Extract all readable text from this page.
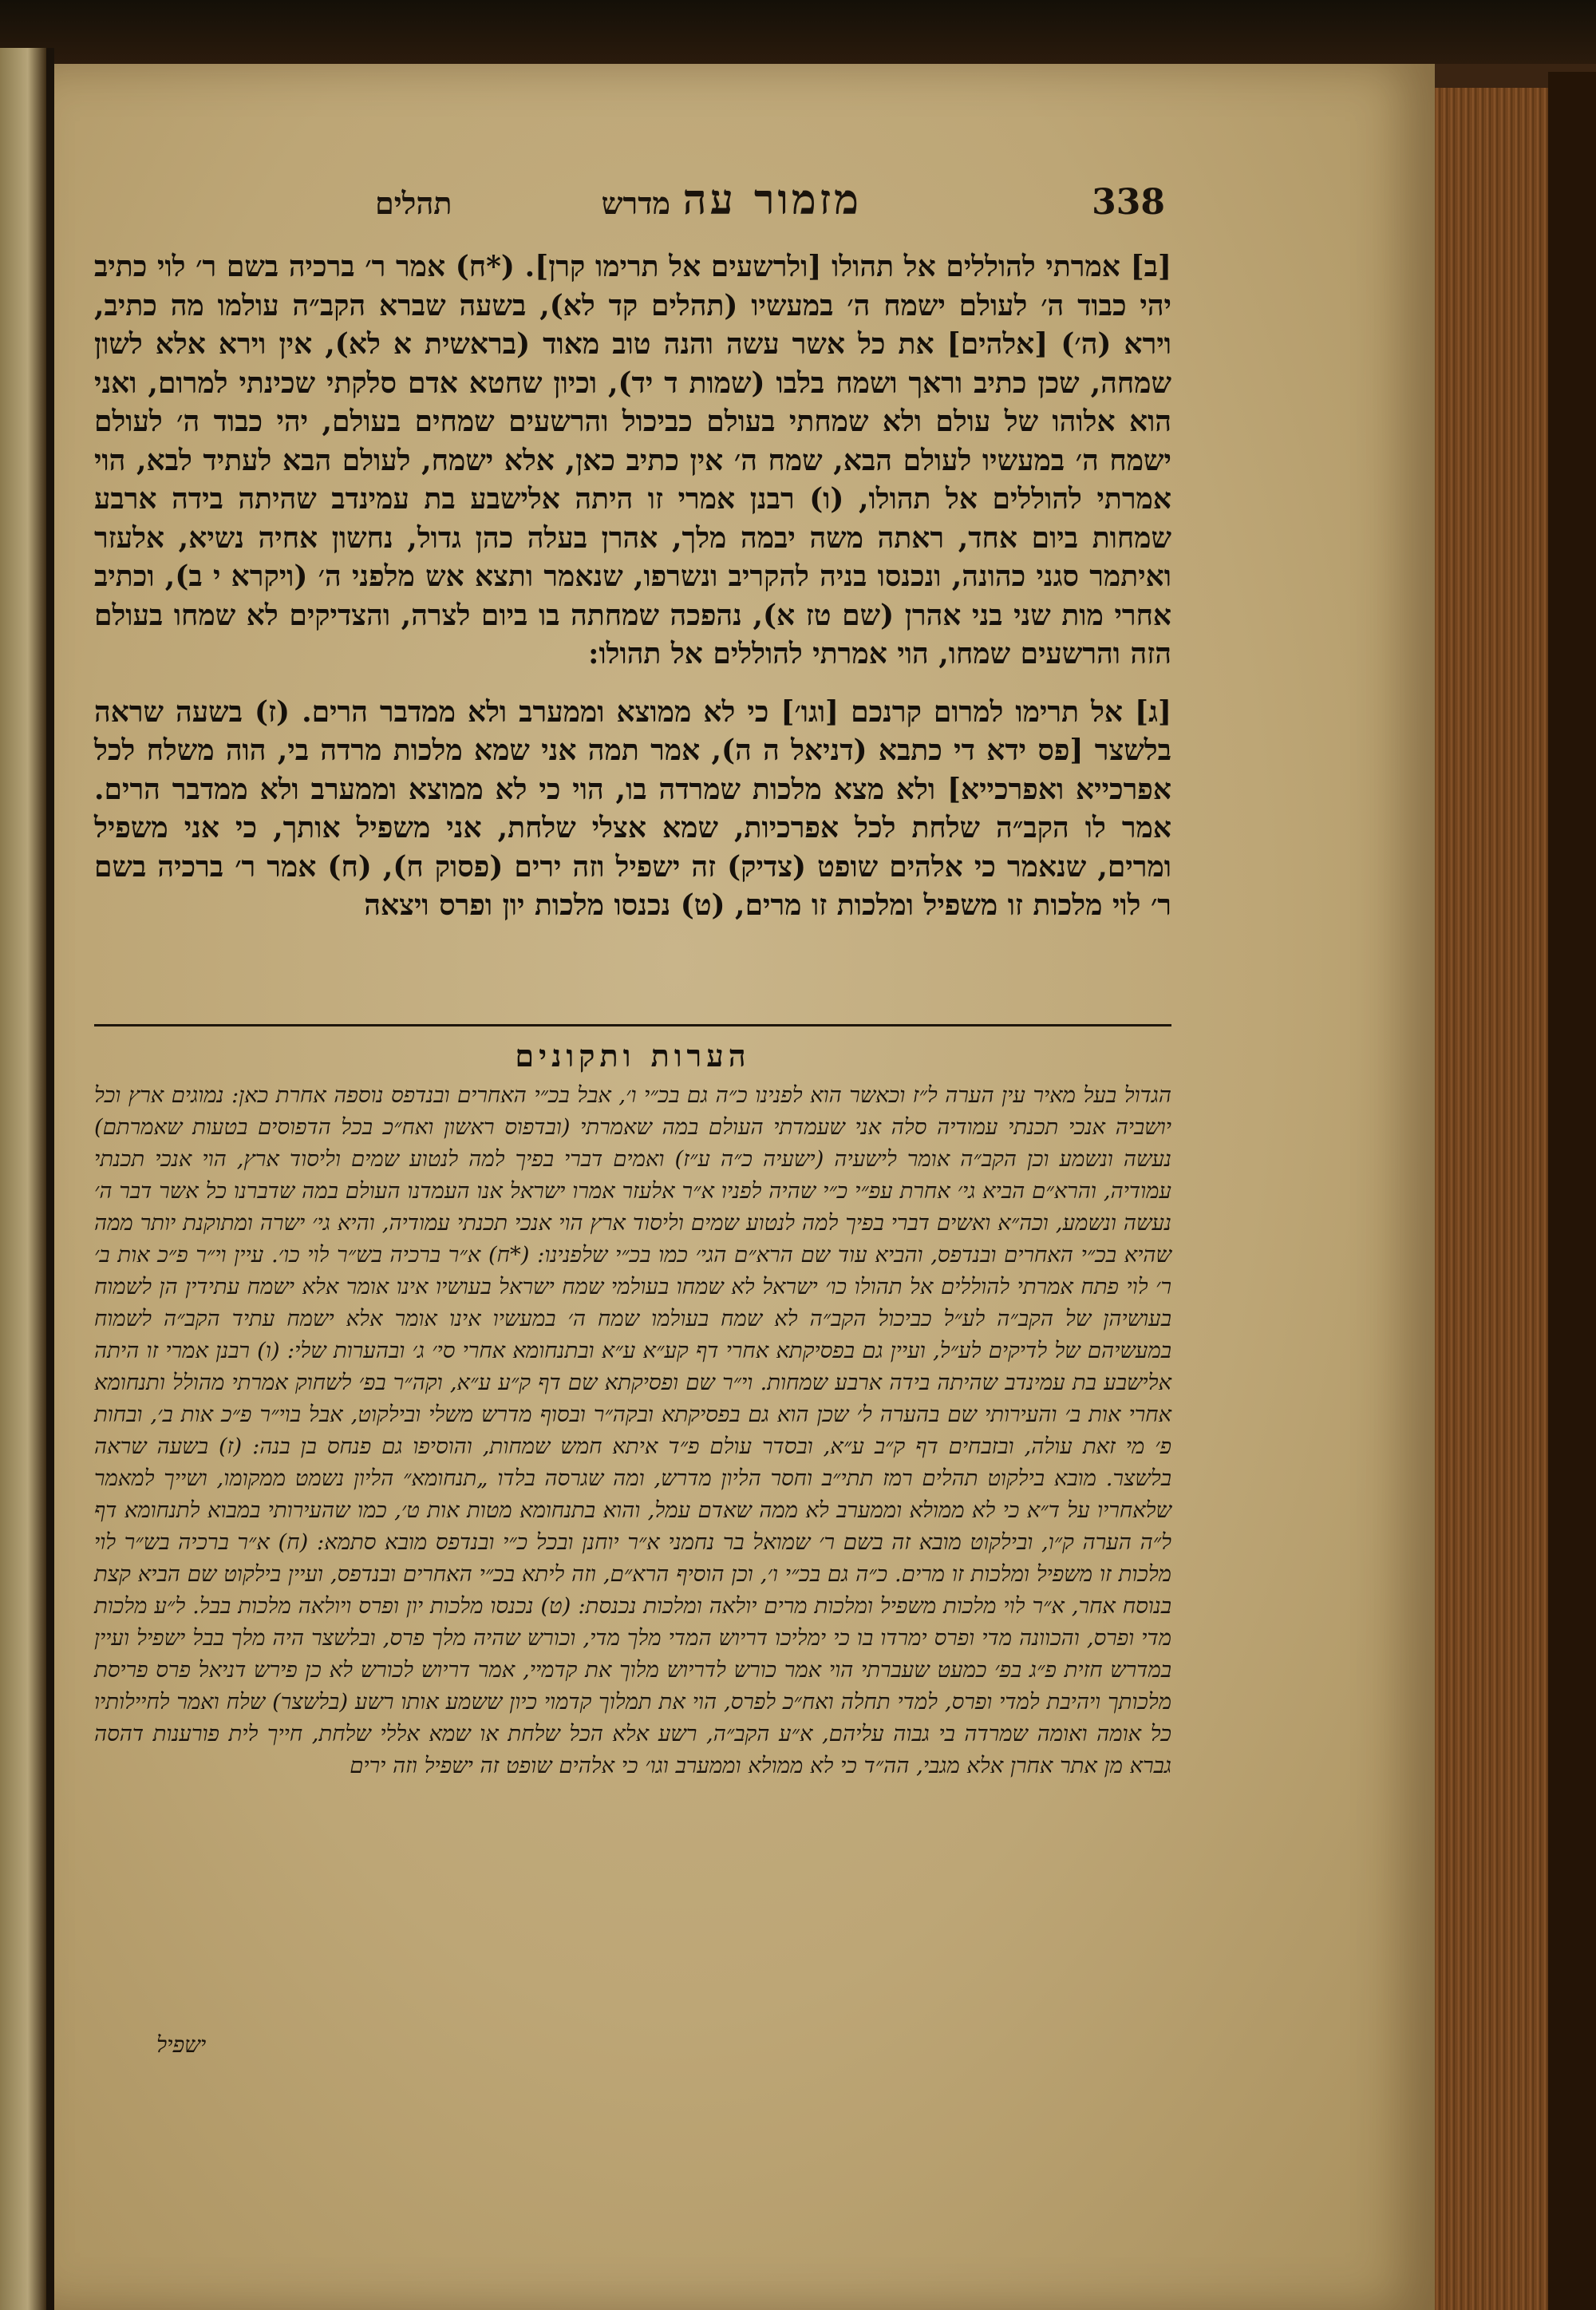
338
מדרש מזמור עה
תהלים

[ב] אמרתי להוללים אל תהולו [ולרשעים אל תרימו קרן]. (*ח) אמר ר׳ ברכיה בשם ר׳ לוי כתיב יהי כבוד ה׳ לעולם ישמח ה׳ במעשיו (תהלים קד לא), בשעה שברא הקב״ה עולמו מה כתיב, וירא (ה׳) [אלהים] את כל אשר עשה והנה טוב מאוד (בראשית א לא), אין וירא אלא לשון שמחה, שכן כתיב וראך ושמח בלבו (שמות ד יד), וכיון שחטא אדם סלקתי שכינתי למרום, ואני הוא אלוהו של עולם ולא שמחתי בעולם כביכול והרשעים שמחים בעולם, יהי כבוד ה׳ לעולם ישמח ה׳ במעשיו לעולם הבא, שמח ה׳ אין כתיב כאן, אלא ישמח, לעולם הבא לעתיד לבא, הוי אמרתי להוללים אל תהולו, (ו) רבנן אמרי זו היתה אלישבע בת עמינדב שהיתה בידה ארבע שמחות ביום אחד, ראתה משה יבמה מלך, אהרן בעלה כהן גדול, נחשון אחיה נשיא, אלעזר ואיתמר סגני כהונה, ונכנסו בניה להקריב ונשרפו, שנאמר ותצא אש מלפני ה׳ (ויקרא י ב), וכתיב אחרי מות שני בני אהרן (שם טז א), נהפכה שמחתה בו ביום לצרה, והצדיקים לא שמחו בעולם הזה והרשעים שמחו, הוי אמרתי להוללים אל תהולו:

[ג] אל תרימו למרום קרנכם [וגו׳] כי לא ממוצא וממערב ולא ממדבר הרים. (ז) בשעה שראה בלשצר [פס ידא די כתבא (דניאל ה ה), אמר תמה אני שמא מלכות מרדה בי, הוה משלח לכל אפרכייא ואפרכייא] ולא מצא מלכות שמרדה בו, הוי כי לא ממוצא וממערב ולא ממדבר הרים. אמר לו הקב״ה שלחת לכל אפרכיות, שמא אצלי שלחת, אני משפיל אותך, כי אני משפיל ומרים, שנאמר כי אלהים שופט (צדיק) זה ישפיל וזה ירים (פסוק ח), (ח) אמר ר׳ ברכיה בשם ר׳ לוי מלכות זו משפיל ומלכות זו מרים, (ט) נכנסו מלכות יון ופרס ויצאה

הערות ותקונים

הגדול בעל מאיר עין הערה ל״ז וכאשר הוא לפנינו כ״ה גם בכ״י ו׳, אבל בכ״י האחרים ובנדפס נוספה אחרת כאן: נמוגים ארץ וכל יושביה אנכי תכנתי עמודיה סלה אני שעמדתי העולם במה שאמרתי (ובדפוס ראשון ואח״כ בכל הדפוסים בטעות שאמרתם) נעשה ונשמע וכן הקב״ה אומר לישעיה (ישעיה כ״ה ע״ז) ואמים דברי בפיך למה לנטוע שמים וליסוד ארץ, הוי אנכי תכנתי עמודיה, והרא״ם הביא גי׳ אחרת עפ״י כ״י שהיה לפניו א״ר אלעזר אמרו ישראל אנו העמדנו העולם במה שדברנו כל אשר דבר ה׳ נעשה ונשמע, וכה״א ואשים דברי בפיך למה לנטוע שמים וליסוד ארץ הוי אנכי תכנתי עמודיה, והיא גי׳ ישרה ומתוקנת יותר ממה שהיא בכ״י האחרים ובנדפס, והביא עוד שם הרא״ם הגי׳ כמו בכ״י שלפנינו: (*ח) א״ר ברכיה בש״ר לוי כו׳. עיין וי״ר פ״כ אות ב׳ ר׳ לוי פתח אמרתי להוללים אל תהולו כו׳ ישראל לא שמחו בעולמי שמח ישראל בעושיו אינו אומר אלא ישמח עתידין הן לשמוח בעושיהן של הקב״ה לע״ל כביכול הקב״ה לא שמח בעולמו שמח ה׳ במעשיו אינו אומר אלא ישמח עתיד הקב״ה לשמוח במעשיהם של לדיקים לע״ל, ועיין גם בפסיקתא אחרי דף קע״א ע״א ובתנחומא אחרי סי׳ ג׳ ובהערות שלי: (ו) רבנן אמרי זו היתה אלישבע בת עמינדב שהיתה בידה ארבע שמחות. וי״ר שם ופסיקתא שם דף ק״ע ע״א, וקה״ר בפ׳ לשחוק אמרתי מהולל ותנחומא אחרי אות ב׳ והעירותי שם בהערה ל׳ שכן הוא גם בפסיקתא ובקה״ר ובסוף מדרש משלי ובילקוט, אבל בוי״ר פ״כ אות ב׳, ובחות פ׳ מי זאת עולה, ובזבחים דף ק״ב ע״א, ובסדר עולם פ״ד איתא חמש שמחות, והוסיפו גם פנחס בן בנה: (ז) בשעה שראה בלשצר. מובא בילקוט תהלים רמז תתי״ב וחסר הליון מדרש, ומה שגרסה בלדו „תנחומא״ הליון נשמט ממקומו, ושייך למאמר שלאחריו על ד״א כי לא ממולא וממערב לא ממה שאדם עמל, והוא בתנחומא מטות אות ט׳, כמו שהעירותי במבוא לתנחומא דף ל״ה הערה ק״ו, ובילקוט מובא זה בשם ר׳ שמואל בר נחמני א״ר יוחנן ובכל כ״י ובנדפס מובא סתמא: (ח) א״ר ברכיה בש״ר לוי מלכות זו משפיל ומלכות זו מרים. כ״ה גם בכ״י ו׳, וכן הוסיף הרא״ם, וזה ליתא בכ״י האחרים ובנדפס, ועיין בילקוט שם הביא קצת בנוסח אחר, א״ר לוי מלכות משפיל ומלכות מרים יולאה ומלכות נכנסת: (ט) נכנסו מלכות יון ופרס ויולאה מלכות בבל. ל״ע מלכות מדי ופרס, והכוונה מדי ופרס ימרדו בו כי ימליכו דריוש המדי מלך מדי, וכורש שהיה מלך פרס, ובלשצר היה מלך בבל ישפיל ועיין במדרש חזית פ״ג בפ׳ כמעט שעברתי הוי אמר כורש לדריוש מלוך את קדמיי, אמר דריוש לכורש לא כן פירש דניאל פרס פריסת מלכותך ויהיבת למדי ופרס, למדי תחלה ואח״כ לפרס, הוי את תמלוך קדמוי כיון ששמע אותו רשע (בלשצר) שלח ואמר לחיילותיו כל אומה ואומה שמרדה בי גבוה עליהם, א״ע הקב״ה, רשע אלא הכל שלחת או שמא אללי שלחת, חייך לית פורענות דהסה גברא מן אתר אחרן אלא מגבי, הה״ד כי לא ממולא וממערב וגו׳ כי אלהים שופט זה ישפיל וזה ירים

ישפיל
